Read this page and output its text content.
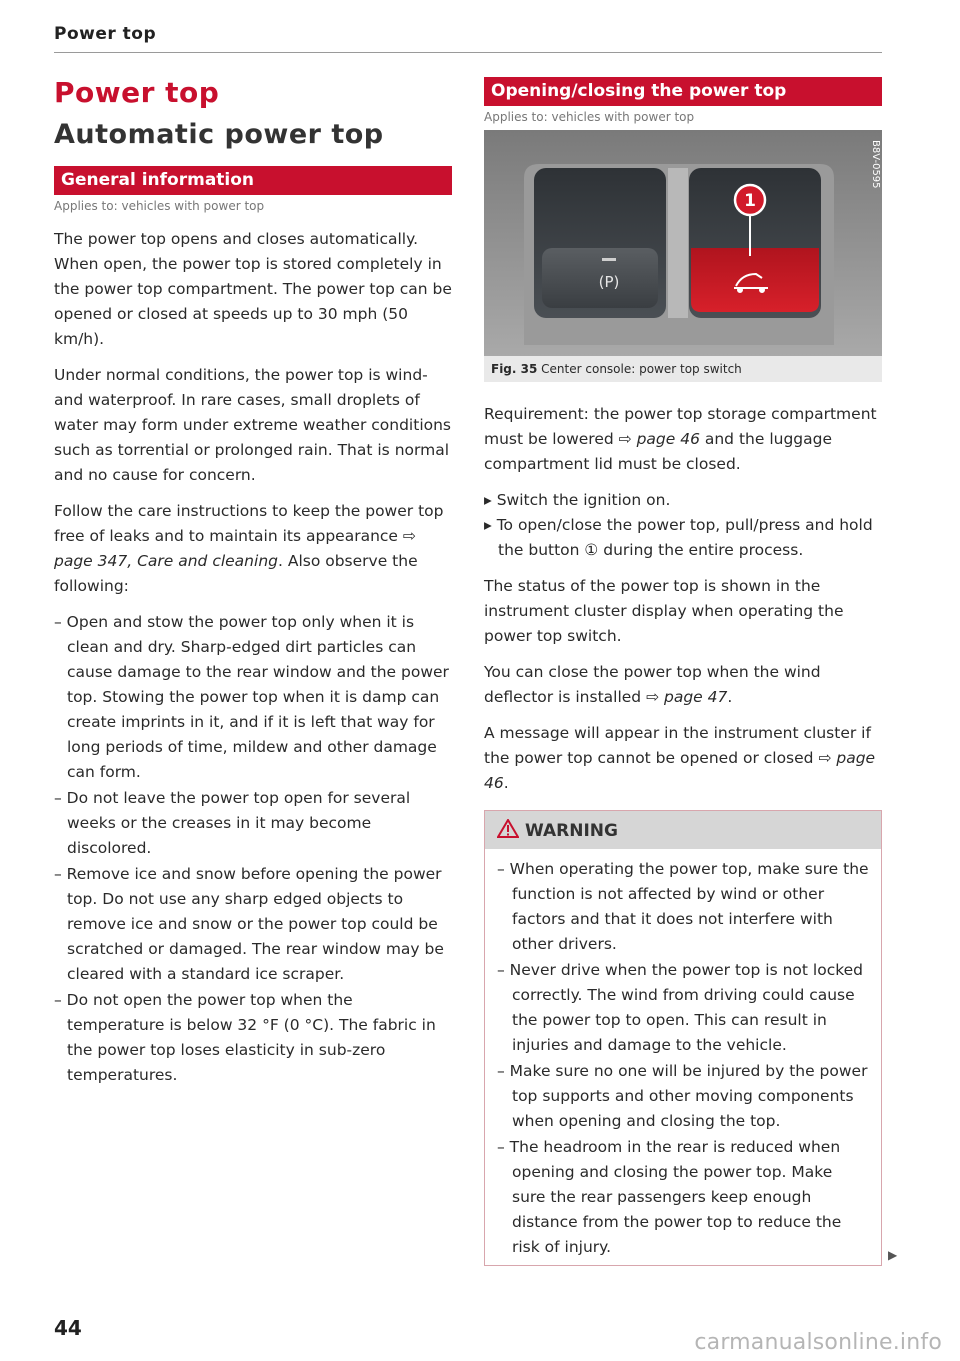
Power top
Power top
Automatic power top
General information
Applies to: vehicles with power top

The power top opens and closes automatically. When open, the power top is stored completely in the power top compartment. The power top can be opened or closed at speeds up to 30 mph (50 km/h).

Under normal conditions, the power top is wind- and waterproof. In rare cases, small droplets of water may form under extreme weather conditions such as torrential or prolonged rain. That is normal and no cause for concern.

Follow the care instructions to keep the power top free of leaks and to maintain its appearance ⇨ page 347, Care and cleaning. Also observe the following:

– Open and stow the power top only when it is clean and dry. Sharp-edged dirt particles can cause damage to the rear window and the power top. Stowing the power top when it is damp can create imprints in it, and if it is left that way for long periods of time, mildew and other damage can form.
– Do not leave the power top open for several weeks or the creases in it may become discolored.
– Remove ice and snow before opening the power top. Do not use any sharp edged objects to remove ice and snow or the power top could be scratched or damaged. The rear window may be cleared with a standard ice scraper.
– Do not open the power top when the temperature is below 32 °F (0 °C). The fabric in the power top loses elasticity in sub-zero temperatures.
Opening/closing the power top
Applies to: vehicles with power top
(P)
1
B8V-0595
Fig. 35 Center console: power top switch

Requirement: the power top storage compartment must be lowered ⇨ page 46 and the luggage compartment lid must be closed.

▸ Switch the ignition on.
▸ To open/close the power top, pull/press and hold the button ① during the entire process.

The status of the power top is shown in the instrument cluster display when operating the power top switch.

You can close the power top when the wind deflector is installed ⇨ page 47.

A message will appear in the instrument cluster if the power top cannot be opened or closed ⇨ page 46.

WARNING
– When operating the power top, make sure the function is not affected by wind or other factors and that it does not interfere with other drivers.
– Never drive when the power top is not locked correctly. The wind from driving could cause the power top to open. This can result in injuries and damage to the vehicle.
– Make sure no one will be injured by the power top supports and other moving components when opening and closing the top.
– The headroom in the rear is reduced when opening and closing the power top. Make sure the rear passengers keep enough distance from the power top to reduce the risk of injury.	▶
44
carmanualsonline.info
